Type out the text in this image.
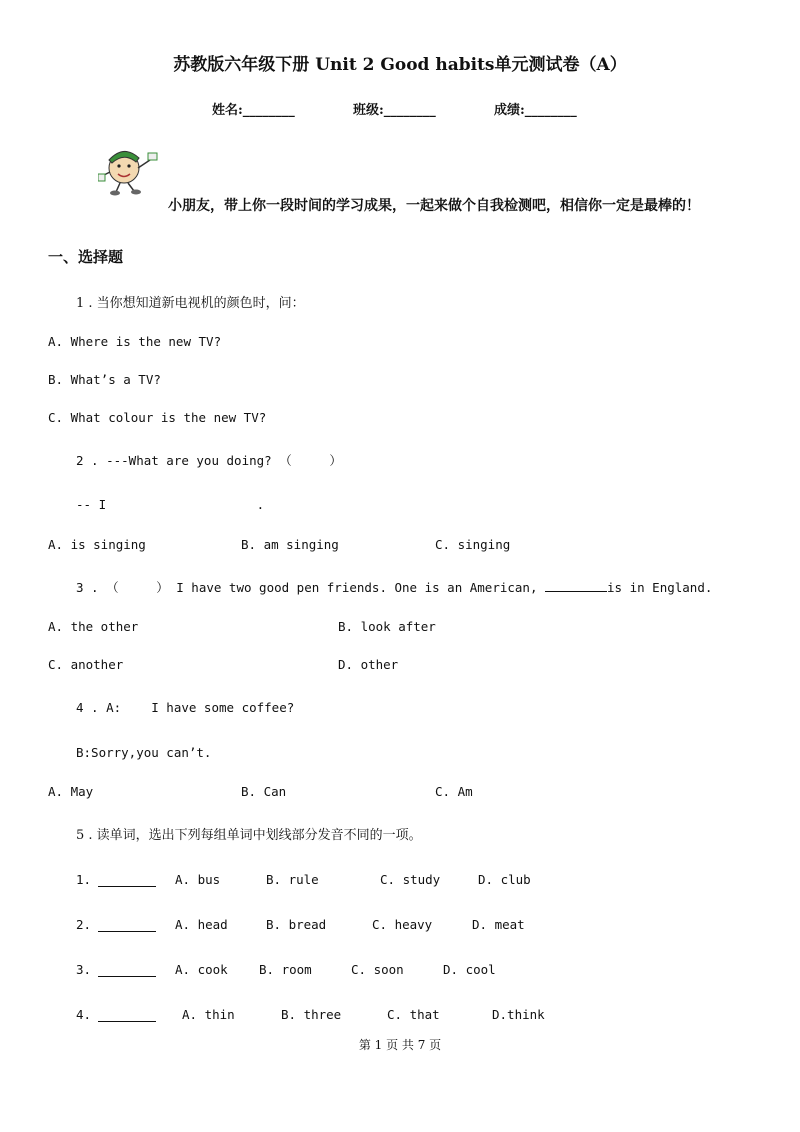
苏教版六年级下册 Unit 2 Good habits单元测试卷（A）
姓名:________	班级:________	成绩:________
小朋友，带上你一段时间的学习成果，一起来做个自我检测吧，相信你一定是最棒的！
一、选择题
1 . 当你想知道新电视机的颜色时，问：
A. Where is the new TV?
B. What’s a TV?
C. What colour is the new TV?
2 . ---What are you doing? （     ）
-- I                    .
A. is singing	B. am singing	C. singing
3 . （     ） I have two good pen friends. One is an American,	is in England.
A. the other	B. look after
C. another	D. other
4 . A:    I have some coffee?
B:Sorry,you can’t.
A. May	B. Can	C. Am
5 . 读单词，选出下列每组单词中划线部分发音不同的一项。
1.	A. bus	B. rule	C. study	D. club
2.	A. head	B. bread	C. heavy	D. meat
3.	A. cook	B. room	C. soon	D. cool
4.	A. thin	B. three	C. that	D.think
第 1 页 共 7 页
